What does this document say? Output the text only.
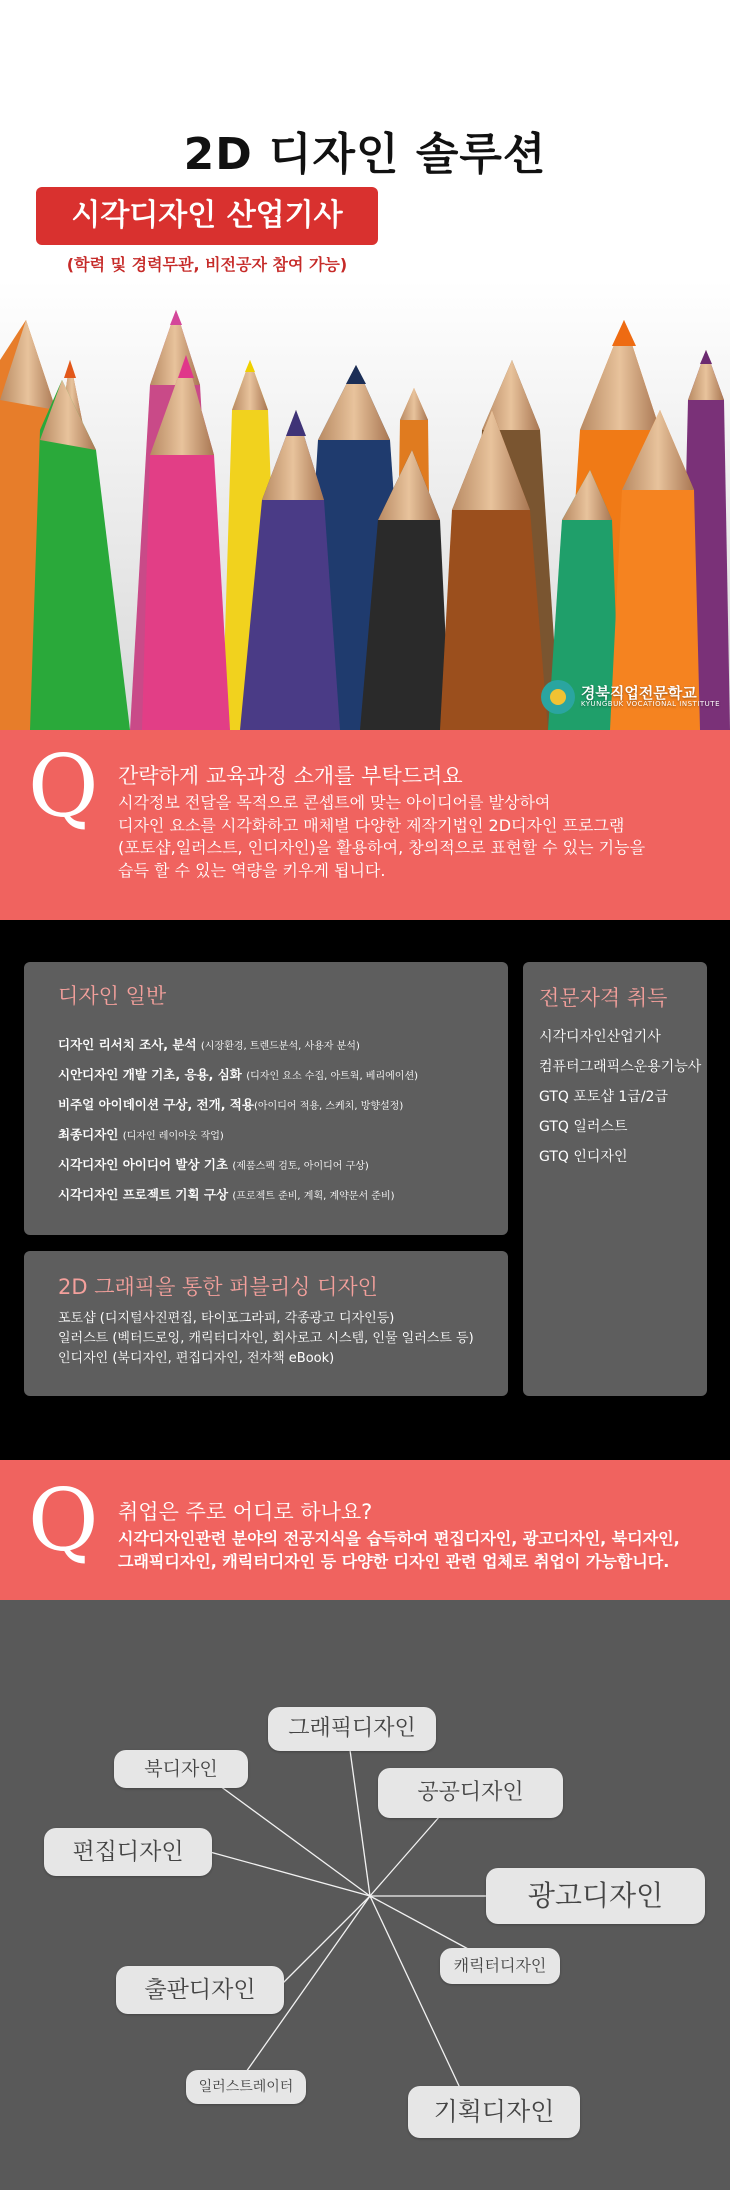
2D 디자인 솔루션
시각디자인 산업기사
(학력 및 경력무관, 비전공자 참여 가능)
경북직업전문학교
KYUNGBUK VOCATIONAL INSTITUTE
Q 간략하게 교육과정 소개를 부탁드려요
시각정보 전달을 목적으로 콘셉트에 맞는 아이디어를 발상하여
디자인 요소를 시각화하고 매체별 다양한 제작기법인 2D디자인 프로그램
(포토샵,일러스트, 인디자인)을 활용하여, 창의적으로 표현할 수 있는 기능을
습득 할 수 있는 역량을 키우게 됩니다.
디자인 일반
디자인 리서치 조사, 분석 (시장환경, 트렌드분석, 사용자 분석)
시안디자인 개발 기초, 응용, 심화 (디자인 요소 수집, 아트웍, 베리에이션)
비주얼 아이데이션 구상, 전개, 적용(아이디어 적용, 스케치, 방향설정)
최종디자인 (디자인 레이아웃 작업)
시각디자인 아이디어 발상 기초 (제품스펙 검토, 아이디어 구상)
시각디자인 프로젝트 기획 구상 (프로젝트 준비, 계획, 계약문서 준비)
전문자격 취득
시각디자인산업기사
컴퓨터그래픽스운용기능사
GTQ 포토샵 1급/2급
GTQ 일러스트
GTQ 인디자인
2D 그래픽을 통한 퍼블리싱 디자인
포토샵 (디지털사진편집, 타이포그라피, 각종광고 디자인등)
일러스트 (벡터드로잉, 캐릭터디자인, 회사로고 시스템, 인물 일러스트 등)
인디자인 (북디자인, 편집디자인, 전자책 eBook)
Q 취업은 주로 어디로 하나요?
시각디자인관련 분야의 전공지식을 습득하여 편집디자인, 광고디자인, 북디자인,
그래픽디자인, 캐릭터디자인 등 다양한 디자인 관련 업체로 취업이 가능합니다.
그래픽디자인
북디자인
공공디자인
편집디자인
광고디자인
캐릭터디자인
출판디자인
일러스트레이터
기획디자인
